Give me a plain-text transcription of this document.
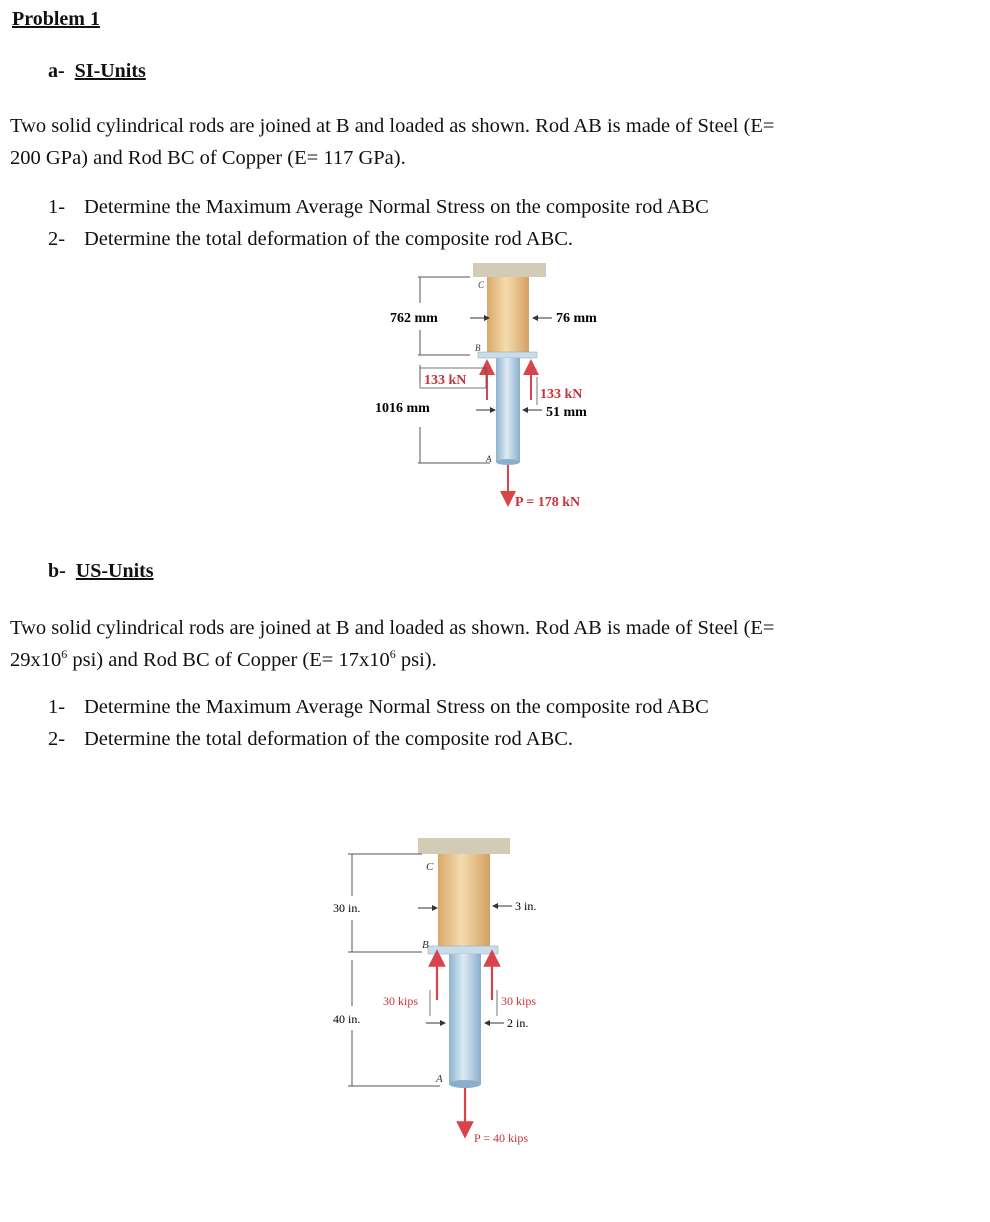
Problem 1
a- SI-Units
Two solid cylindrical rods are joined at B and loaded as shown. Rod AB is made of Steel (E=
200 GPa) and Rod BC of Copper (E= 117 GPa).
1- Determine the Maximum Average Normal Stress on the composite rod ABC
2- Determine the total deformation of the composite rod ABC.
C
B
A
762 mm
1016 mm
76 mm
51 mm
133 kN
133 kN
P = 178 kN
b- US-Units
Two solid cylindrical rods are joined at B and loaded as shown. Rod AB is made of Steel (E=
$29x10^6$ psi) and Rod BC of Copper ($E= 17x10^6$ psi).
1- Determine the Maximum Average Normal Stress on the composite rod ABC
2- Determine the total deformation of the composite rod ABC.
C
B
A
30 in.
40 in.
3 in.
2 in.
30 kips	30 kips
P = 40 kips
